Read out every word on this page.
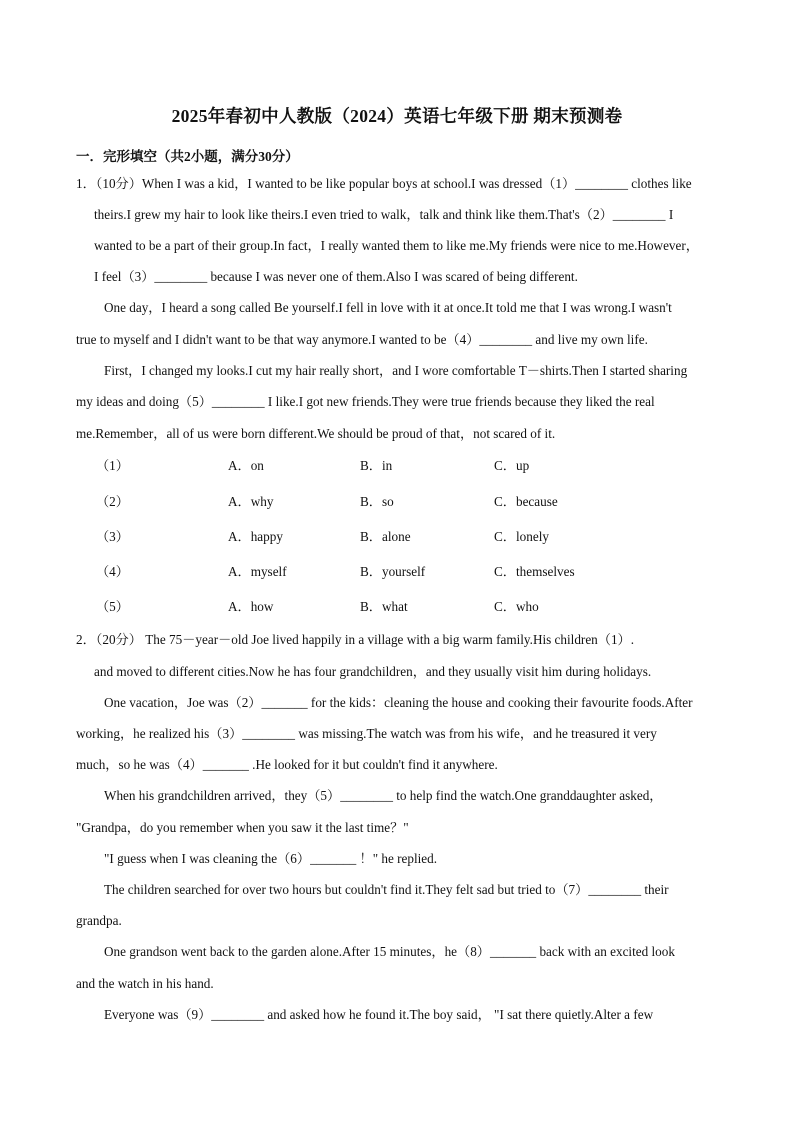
2025年春初中人教版（2024）英语七年级下册 期末预测卷
一．完形填空（共2小题，满分30分）
1．（10分）When I was a kid，I wanted to be like popular boys at school.I was dressed（1）________ clothes like
theirs.I grew my hair to look like theirs.I even tried to walk，talk and think like them.That's（2）________ I
wanted to be a part of their group.In fact，I really wanted them to like me.My friends were nice to me.However，
I feel（3）________ because I was never one of them.Also I was scared of being different.
One day，I heard a song called Be yourself.I fell in love with it at once.It told me that I was wrong.I wasn't
true to myself and I didn't want to be that way anymore.I wanted to be（4）________ and live my own life.
First，I changed my looks.I cut my hair really short，and I wore comfortable T－shirts.Then I started sharing
my ideas and doing（5）________ I like.I got new friends.They were true friends because they liked the real
me.Remember，all of us were born different.We should be proud of that，not scared of it.
（1）	A．on	B．in	C．up
（2）	A．why	B．so	C．because
（3）	A．happy	B．alone	C．lonely
（4）	A．myself	B．yourself	C．themselves
（5）	A．how	B．what	C．who
2．（20分） The 75－year－old Joe lived happily in a village with a big warm family.His children（1）.
and moved to different cities.Now he has four grandchildren，and they usually visit him during holidays.
One vacation，Joe was（2）_______ for the kids：cleaning the house and cooking their favourite foods.After
working，he realized his（3）________ was missing.The watch was from his wife，and he treasured it very
much，so he was（4）_______ .He looked for it but couldn't find it anywhere.
When his grandchildren arrived，they（5）________ to help find the watch.One granddaughter asked，
"Grandpa，do you remember when you saw it the last time？"
"I guess when I was cleaning the（6）_______ ！" he replied.
The children searched for over two hours but couldn't find it.They felt sad but tried to（7）________ their
grandpa.
One grandson went back to the garden alone.After 15 minutes，he（8）_______ back with an excited look
and the watch in his hand.
Everyone was（9）________ and asked how he found it.The boy said， "I sat there quietly.Alter a few
